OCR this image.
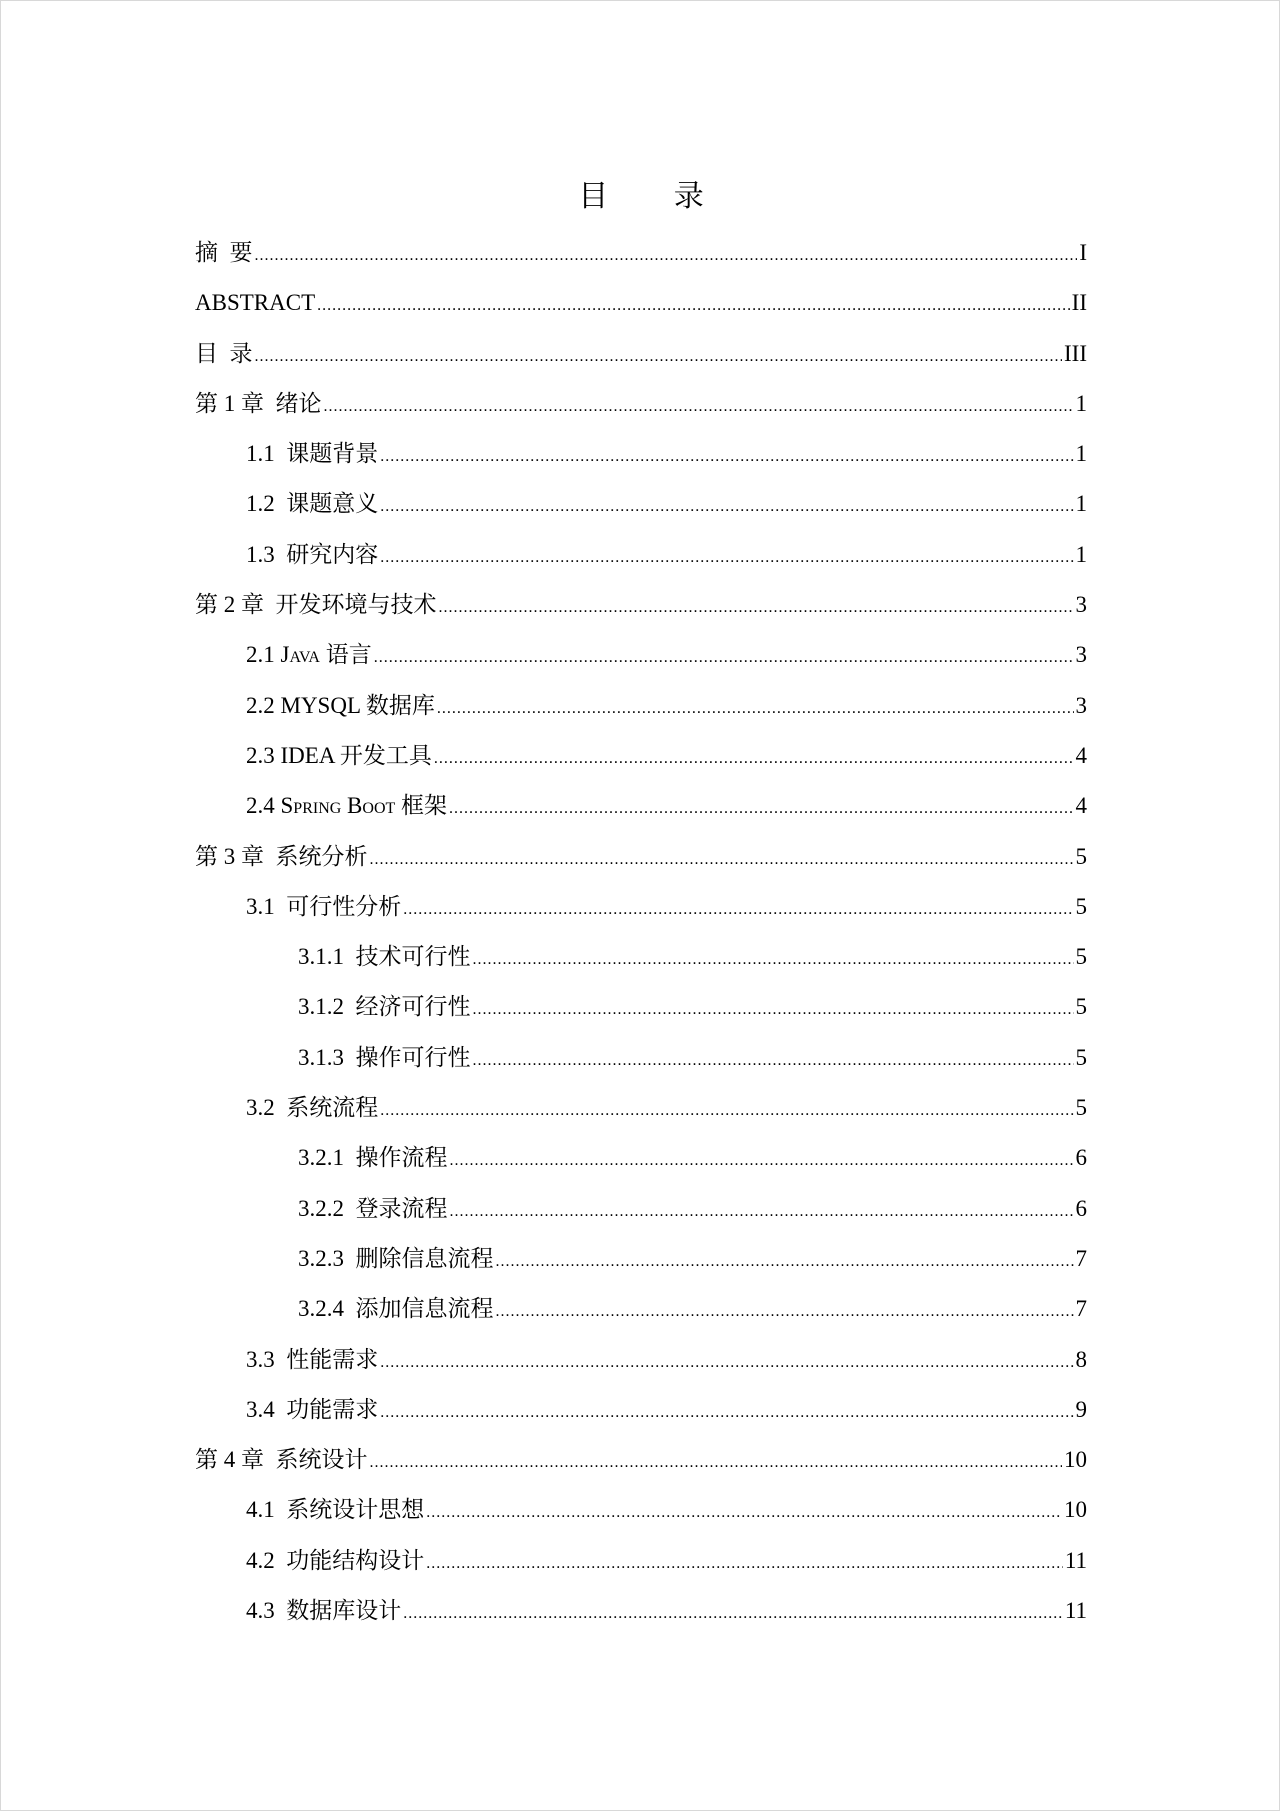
目 录
摘  要 .....	I
ABSTRACT .....	II
目  录 .....	III
第 1 章  绪论 .....	1
1.1  课题背景 .....	1
1.2  课题意义 .....	1
1.3  研究内容 .....	1
第 2 章  开发环境与技术 .....	3
2.1 Java 语言 .....	3
2.2 MYSQL 数据库 .....	3
2.3 IDEA 开发工具 .....	4
2.4 Spring Boot 框架 .....	4
第 3 章  系统分析 .....	5
3.1  可行性分析 .....	5
3.1.1  技术可行性 .....	5
3.1.2  经济可行性 .....	5
3.1.3  操作可行性 .....	5
3.2  系统流程 .....	5
3.2.1  操作流程 .....	6
3.2.2  登录流程 .....	6
3.2.3  删除信息流程 .....	7
3.2.4  添加信息流程 .....	7
3.3  性能需求 .....	8
3.4  功能需求 .....	9
第 4 章  系统设计 .....	10
4.1  系统设计思想 .....	10
4.2  功能结构设计 .....	11
4.3  数据库设计 .....	11
